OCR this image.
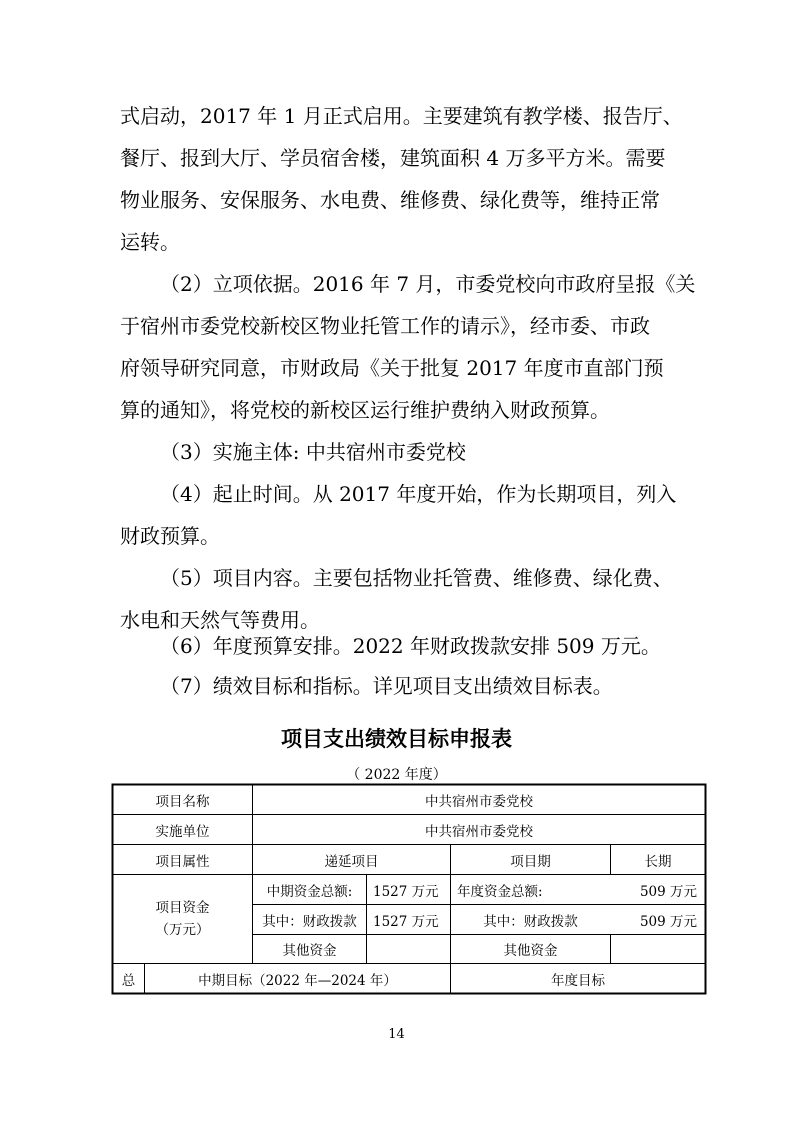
式启动，2017 年 1 月正式启用。主要建筑有教学楼、报告厅、
餐厅、报到大厅、学员宿舍楼，建筑面积 4 万多平方米。需要
物业服务、安保服务、水电费、维修费、绿化费等，维持正常
运转。
（2）立项依据。2016 年 7 月，市委党校向市政府呈报《关
于宿州市委党校新校区物业托管工作的请示》，经市委、市政
府领导研究同意，市财政局《关于批复 2017 年度市直部门预
算的通知》，将党校的新校区运行维护费纳入财政预算。
（3）实施主体: 中共宿州市委党校
（4）起止时间。从 2017 年度开始，作为长期项目，列入
财政预算。
（5）项目内容。主要包括物业托管费、维修费、绿化费、
水电和天然气等费用。
（6）年度预算安排。2022 年财政拨款安排 509 万元。
（7）绩效目标和指标。详见项目支出绩效目标表。
项目支出绩效目标申报表
（ 2022 年度）
项目名称	中共宿州市委党校
实施单位	中共宿州市委党校
项目属性	递延项目	项目期	长期
项目资金
（万元）
中期资金总额:	1527 万元	年度资金总额:	509 万元
其中：财政拨款	1527 万元	其中：财政拨款	509 万元
其他资金	其他资金
总	中期目标（2022 年—2024 年）	年度目标
14
